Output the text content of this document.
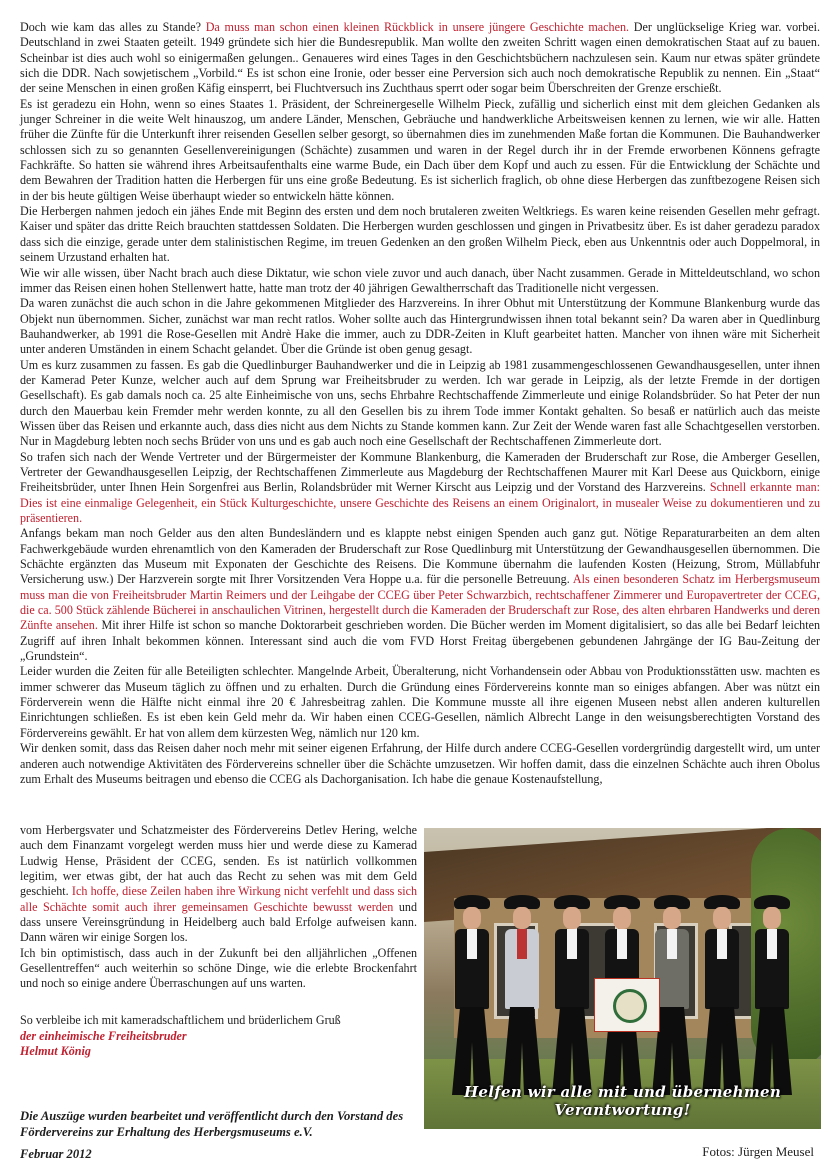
Doch wie kam das alles zu Stande? Da muss man schon einen kleinen Rückblick in unsere jüngere Geschichte machen. Der unglückselige Krieg war. vorbei. Deutschland in zwei Staaten geteilt. 1949 gründete sich hier die Bundesrepublik. Man wollte den zweiten Schritt wagen einen demokratischen Staat auf zu bauen. Scheinbar ist dies auch wohl so einigermaßen gelungen.. Genaueres wird eines Tages in den Geschichtsbüchern nachzulesen sein. Kaum nur etwas später gründete sich die DDR. Nach sowjetischem „Vorbild.“ Es ist schon eine Ironie, oder besser eine Perversion sich auch noch demokratische Republik zu nennen. Ein „Staat“ der seine Menschen in einen großen Käfig einsperrt, bei Fluchtversuch ins Zuchthaus sperrt oder sogar beim Überschreiten der Grenze erschießt.

Es ist geradezu ein Hohn, wenn so eines Staates 1. Präsident, der Schreinergeselle Wilhelm Pieck, zufällig und sicherlich einst mit dem gleichen Gedanken als junger Schreiner in die weite Welt hinauszog, um andere Länder, Menschen, Gebräuche und handwerkliche Arbeitsweisen kennen zu lernen, wie wir alle. Hatten früher die Zünfte für die Unterkunft ihrer reisenden Gesellen selber gesorgt, so übernahmen dies im zunehmenden Maße fortan die Kommunen. Die Bauhandwerker schlossen sich zu so genannten Gesellenvereinigungen (Schächte) zusammen und waren in der Regel durch ihr in der Fremde erworbenen Könnens gefragte Fachkräfte. So hatten sie während ihres Arbeitsaufenthalts eine warme Bude, ein Dach über dem Kopf und auch zu essen. Für die Entwicklung der Schächte und dem Bewahren der Tradition hatten die Herbergen für uns eine große Bedeutung. Es ist sicherlich fraglich, ob ohne diese Herbergen das zunftbezogene Reisen sich in der bis heute gültigen Weise überhaupt wieder so entwickeln hätte können.

Die Herbergen nahmen jedoch ein jähes Ende mit Beginn des ersten und dem noch brutaleren zweiten Weltkriegs. Es waren keine reisenden Gesellen mehr gefragt. Kaiser und später das dritte Reich brauchten stattdessen Soldaten. Die Herbergen wurden geschlossen und gingen in Privatbesitz über. Es ist daher geradezu paradox dass sich die einzige, gerade unter dem stalinistischen Regime, im treuen Gedenken an den großen Wilhelm Pieck, eben aus Unkenntnis oder auch Doppelmoral, in seinem Urzustand erhalten hat.

Wie wir alle wissen, über Nacht brach auch diese Diktatur, wie schon viele zuvor und auch danach, über Nacht zusammen. Gerade in Mitteldeutschland, wo schon immer das Reisen einen hohen Stellenwert hatte, hatte man trotz der 40 jährigen Gewaltherrschaft das Traditionelle nicht vergessen.

Da waren zunächst die auch schon in die Jahre gekommenen Mitglieder des Harzvereins. In ihrer Obhut mit Unterstützung der Kommune Blankenburg wurde das Objekt nun übernommen. Sicher, zunächst war man recht ratlos. Woher sollte auch das Hintergrundwissen ihnen total bekannt sein? Da waren aber in Quedlinburg Bauhandwerker, ab 1991 die Rose-Gesellen mit Andrè Hake die immer, auch zu DDR-Zeiten in Kluft gearbeitet hatten. Mancher von ihnen wäre mit Sicherheit unter anderen Umständen in einem Schacht gelandet. Über die Gründe ist oben genug gesagt.

Um es kurz zusammen zu fassen. Es gab die Quedlinburger Bauhandwerker und die in Leipzig ab 1981 zusammengeschlossenen Gewandhausgesellen, unter ihnen der Kamerad Peter Kunze, welcher auch auf dem Sprung war Freiheitsbruder zu werden. Ich war gerade in Leipzig, als der letzte Fremde in der dortigen Gesellschaft). Es gab damals noch ca. 25 alte Einheimische von uns, sechs Ehrbahre Rechtschaffende Zimmerleute und einige Rolandsbrüder. So hat Peter der nun durch den Mauerbau kein Fremder mehr werden konnte, zu all den Gesellen bis zu ihrem Tode immer Kontakt gehalten. So besaß er natürlich auch das meiste Wissen über das Reisen und erkannte auch, dass dies nicht aus dem Nichts zu Stande kommen kann. Zur Zeit der Wende waren fast alle Schachtgesellen verstorben. Nur in Magdeburg lebten noch sechs Brüder von uns und es gab auch noch eine Gesellschaft der Rechtschaffenen Zimmerleute dort.

So trafen sich nach der Wende Vertreter und der Bürgermeister der Kommune Blankenburg, die Kameraden der Bruderschaft zur Rose, die Amberger Gesellen, Vertreter der Gewandhausgesellen Leipzig, der Rechtschaffenen Zimmerleute aus Magdeburg der Rechtschaffenen Maurer mit Karl Deese aus Quickborn, einige Freiheitsbrüder, unter Ihnen Hein Sorgenfrei aus Berlin, Rolandsbrüder mit Werner Kirscht aus Leipzig und der Vorstand des Harzvereins. Schnell erkannte man: Dies ist eine einmalige Gelegenheit, ein Stück Kulturgeschichte, unsere Geschichte des Reisens an einem Originalort, in musealer Weise zu dokumentieren und zu präsentieren.

Anfangs bekam man noch Gelder aus den alten Bundesländern und es klappte nebst einigen Spenden auch ganz gut. Nötige Reparaturarbeiten an dem alten Fachwerkgebäude wurden ehrenamtlich von den Kameraden der Bruderschaft zur Rose Quedlinburg mit Unterstützung der Gewandhausgesellen übernommen. Die Schächte ergänzten das Museum mit Exponaten der Geschichte des Reisens. Die Kommune übernahm die laufenden Kosten (Heizung, Strom, Müllabfuhr Versicherung usw.) Der Harzverein sorgte mit Ihrer Vorsitzenden Vera Hoppe u.a. für die personelle Betreuung. Als einen besonderen Schatz im Herbergsmuseum muss man die von Freiheitsbruder Martin Reimers und der Leihgabe der CCEG über Peter Schwarzbich, rechtschaffener Zimmerer und Europavertreter der CCEG, die ca. 500 Stück zählende Bücherei in anschaulichen Vitrinen, hergestellt durch die Kameraden der Bruderschaft zur Rose, des alten ehrbaren Handwerks und deren Zünfte ansehen. Mit ihrer Hilfe ist schon so manche Doktorarbeit geschrieben worden. Die Bücher werden im Moment digitalisiert, so das alle bei Bedarf leichten Zugriff auf ihren Inhalt bekommen können. Interessant sind auch die vom FVD Horst Freitag übergebenen gebundenen Jahrgänge der IG Bau-Zeitung der „Grundstein“.

Leider wurden die Zeiten für alle Beteiligten schlechter. Mangelnde Arbeit, Überalterung, nicht Vorhandensein oder Abbau von Produktionsstätten usw. machten es immer schwerer das Museum täglich zu öffnen und zu erhalten. Durch die Gründung eines Fördervereins konnte man so einiges abfangen. Aber was nützt ein Förderverein wenn die Hälfte nicht einmal ihre 20 € Jahresbeitrag zahlen. Die Kommune musste all ihre eigenen Museen nebst allen anderen kulturellen Einrichtungen schließen. Es ist eben kein Geld mehr da. Wir haben einen CCEG-Gesellen, nämlich Albrecht Lange in den weisungsberechtigten Vorstand des Fördervereins gewählt. Er hat von allem dem kürzesten Weg, nämlich nur 120 km.

Wir denken somit, dass das Reisen daher noch mehr mit seiner eigenen Erfahrung, der Hilfe durch andere CCEG-Gesellen vordergründig dargestellt wird, um unter anderen auch notwendige Aktivitäten des Fördervereins schneller über die Schächte umzusetzen. Wir hoffen damit, dass die einzelnen Schächte auch ihren Obolus zum Erhalt des Museums beitragen und ebenso die CCEG als Dachorganisation. Ich habe die genaue Kostenaufstellung,

vom Herbergsvater und Schatzmeister des Fördervereins Detlev Hering, welche auch dem Finanzamt vorgelegt werden muss hier und werde diese zu Kamerad Ludwig Hense, Präsident der CCEG, senden. Es ist natürlich vollkommen legitim, wer etwas gibt, der hat auch das Recht zu sehen was mit dem Geld geschieht. Ich hoffe, diese Zeilen haben ihre Wirkung nicht verfehlt und dass sich alle Schächte somit auch ihrer gemeinsamen Geschichte bewusst werden und dass unsere Vereinsgründung in Heidelberg auch bald Erfolge aufweisen kann. Dann wären wir einige Sorgen los.

Ich bin optimistisch, dass auch in der Zukunft bei den alljährlichen „Offenen Gesellentreffen“ auch weiterhin so schöne Dinge, wie die erlebte Brockenfahrt und noch so einige andere Überraschungen auf uns warten.

Helfen wir alle mit und übernehmen Verantwortung!
So verbleibe ich mit kameradschaftlichem und brüderlichem Gruß
der einheimische Freiheitsbruder
Helmut König
Die Auszüge wurden bearbeitet und veröffentlicht durch den Vorstand des Fördervereins zur Erhaltung des Herbergsmuseums e.V.
Februar 2012	Fotos: Jürgen Meusel
